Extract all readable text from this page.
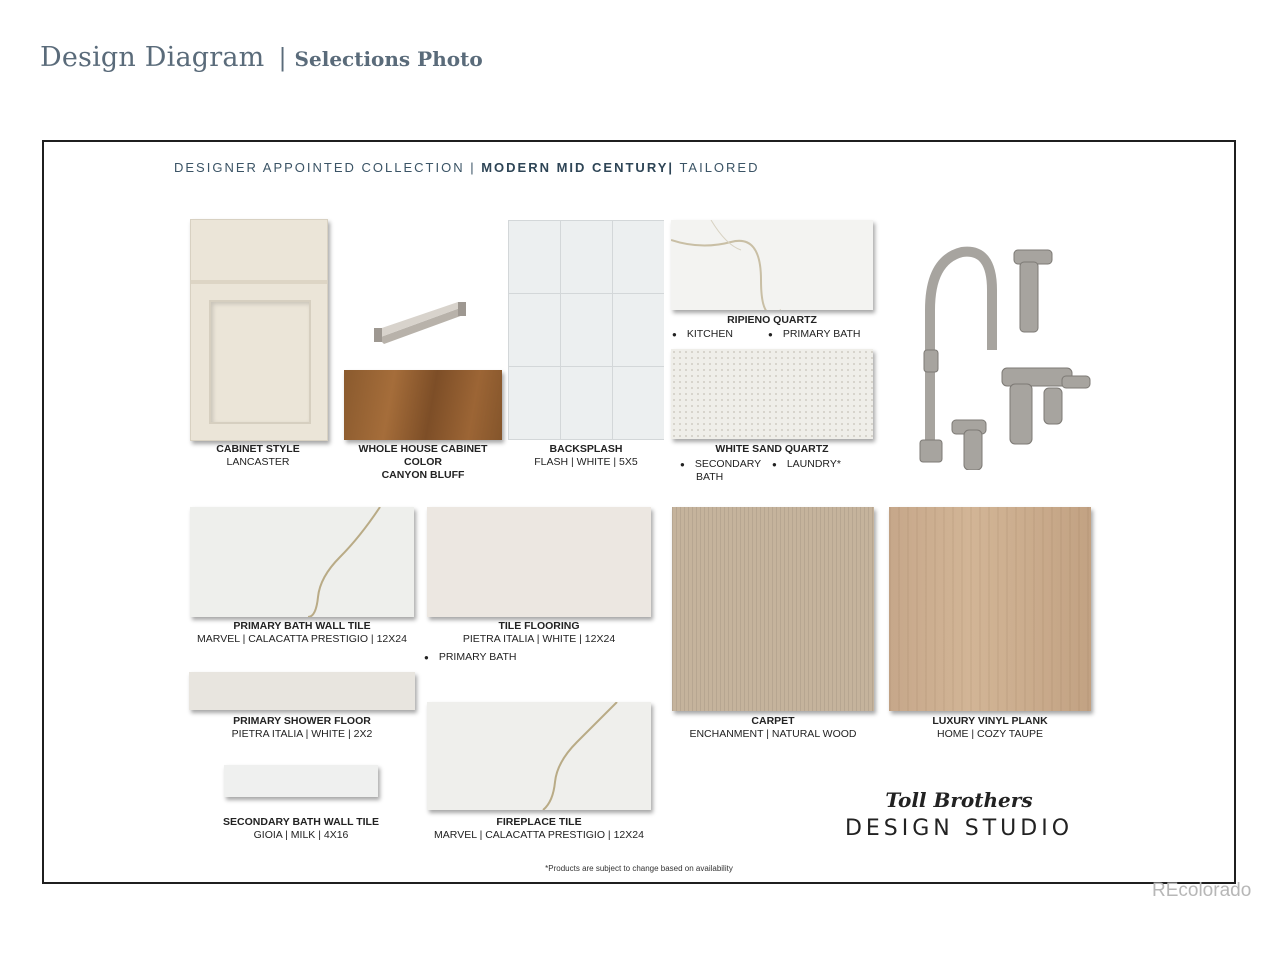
Design Diagram | Selections Photo
DESIGNER APPOINTED COLLECTION | MODERN MID CENTURY| TAILORED
CABINET STYLE
LANCASTER
WHOLE HOUSE CABINET
COLOR
CANYON BLUFF
BACKSPLASH
FLASH | WHITE | 5X5
RIPIENO QUARTZ
● KITCHEN	● PRIMARY BATH
WHITE SAND QUARTZ
● SECONDARY ● LAUNDRY*
BATH
PRIMARY BATH WALL TILE
MARVEL | CALACATTA PRESTIGIO | 12X24
TILE FLOORING
PIETRA ITALIA | WHITE | 12X24
● PRIMARY BATH
CARPET
ENCHANMENT | NATURAL WOOD
LUXURY VINYL PLANK
HOME | COZY TAUPE
PRIMARY SHOWER FLOOR
PIETRA ITALIA | WHITE | 2X2
SECONDARY BATH WALL TILE
GIOIA | MILK | 4X16
FIREPLACE TILE
MARVEL | CALACATTA PRESTIGIO | 12X24
Toll Brothers
DESIGN STUDIO
*Products are subject to change based on availability
REcolorado
